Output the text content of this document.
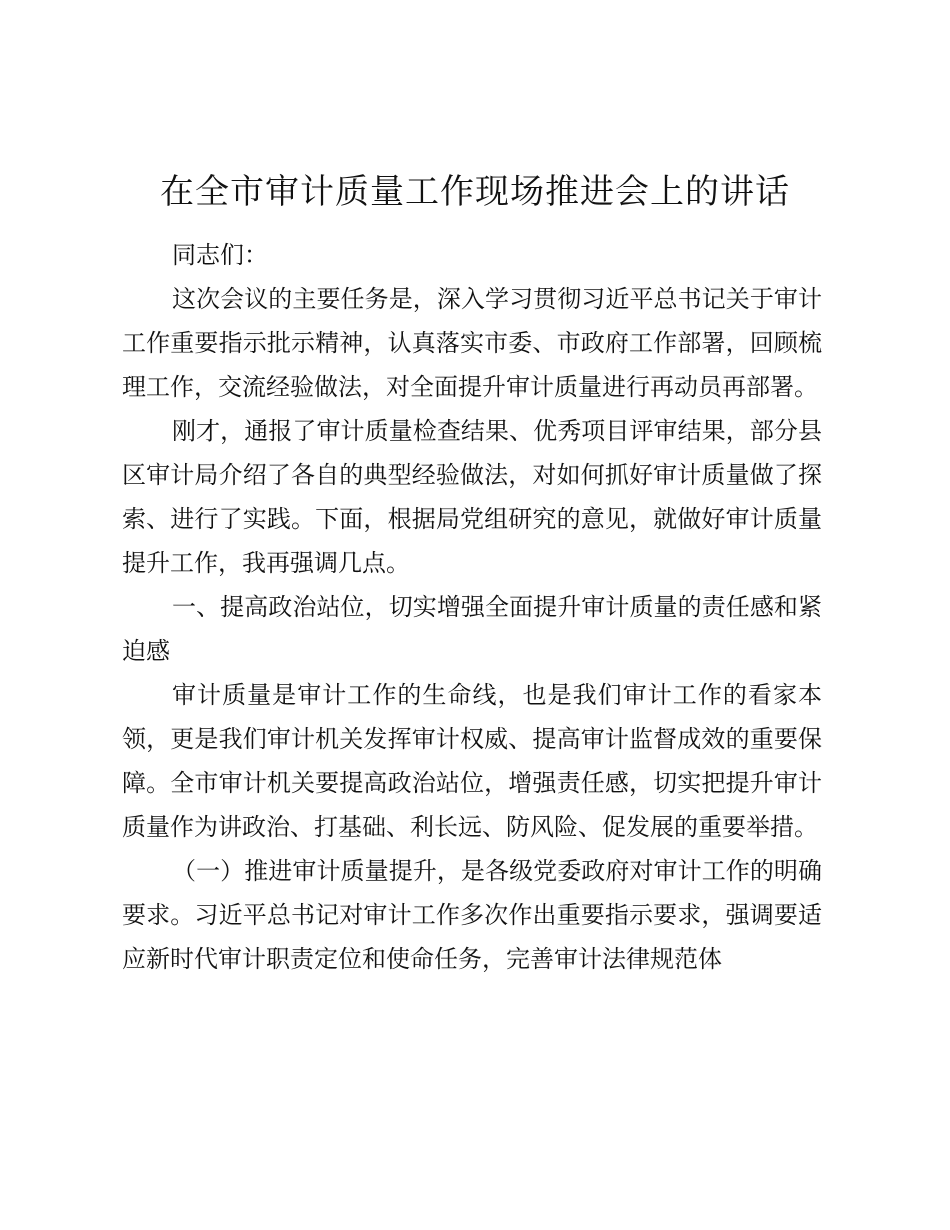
在全市审计质量工作现场推进会上的讲话

同志们：

这次会议的主要任务是，深入学习贯彻习近平总书记关于审计工作重要指示批示精神，认真落实市委、市政府工作部署，回顾梳理工作，交流经验做法，对全面提升审计质量进行再动员再部署。

刚才，通报了审计质量检查结果、优秀项目评审结果，部分县区审计局介绍了各自的典型经验做法，对如何抓好审计质量做了探索、进行了实践。下面，根据局党组研究的意见，就做好审计质量提升工作，我再强调几点。

一、提高政治站位，切实增强全面提升审计质量的责任感和紧迫感

审计质量是审计工作的生命线，也是我们审计工作的看家本领，更是我们审计机关发挥审计权威、提高审计监督成效的重要保障。全市审计机关要提高政治站位，增强责任感，切实把提升审计质量作为讲政治、打基础、利长远、防风险、促发展的重要举措。

（一）推进审计质量提升，是各级党委政府对审计工作的明确要求。习近平总书记对审计工作多次作出重要指示要求，强调要适应新时代审计职责定位和使命任务，完善审计法律规范体
